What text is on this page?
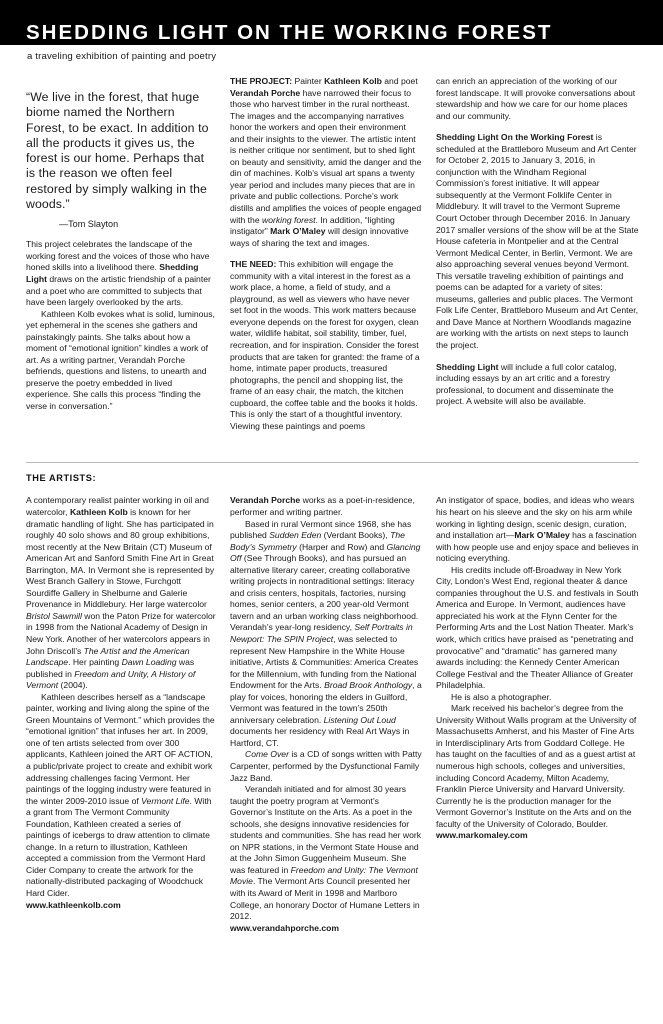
SHEDDING LIGHT ON THE WORKING FOREST
a traveling exhibition of painting and poetry
“We live in the forest, that huge biome named the Northern Forest, to be exact. In addition to all the products it gives us, the forest is our home. Perhaps that is the reason we often feel restored by simply walking in the woods.”
—Tom Slayton

This project celebrates the landscape of the working forest and the voices of those who have honed skills into a livelihood there. Shedding Light draws on the artistic friendship of a painter and a poet who are committed to subjects that have been largely overlooked by the arts.

Kathleen Kolb evokes what is solid, luminous, yet ephemeral in the scenes she gathers and painstakingly paints. She talks about how a moment of “emotional ignition” kindles a work of art. As a writing partner, Verandah Porche befriends, questions and listens, to unearth and preserve the poetry embedded in lived experience. She calls this process “finding the verse in conversation.”

THE PROJECT: Painter Kathleen Kolb and poet Verandah Porche have narrowed their focus to those who harvest timber in the rural northeast. The images and the accompanying narratives honor the workers and open their environment and their insights to the viewer. The artistic intent is neither critique nor sentiment, but to shed light on beauty and sensitivity, amid the danger and the din of machines. Kolb’s visual art spans a twenty year period and includes many pieces that are in private and public collections. Porche’s work distills and amplifies the voices of people engaged with the working forest. In addition, “lighting instigator” Mark O’Maley will design innovative ways of sharing the text and images.

THE NEED: This exhibition will engage the community with a vital interest in the forest as a work place, a home, a field of study, and a playground, as well as viewers who have never set foot in the woods. This work matters because everyone depends on the forest for oxygen, clean water, wildlife habitat, soil stability, timber, fuel, recreation, and for inspiration. Consider the forest products that are taken for granted: the frame of a home, intimate paper products, treasured photographs, the pencil and shopping list, the frame of an easy chair, the match, the kitchen cupboard, the coffee table and the books it holds. This is only the start of a thoughtful inventory. Viewing these paintings and poems

can enrich an appreciation of the working of our forest landscape. It will provoke conversations about stewardship and how we care for our home places and our community.

Shedding Light On the Working Forest is scheduled at the Brattleboro Museum and Art Center for October 2, 2015 to January 3, 2016, in conjunction with the Windham Regional Commission’s forest initiative. It will appear subsequently at the Vermont Folklife Center in Middlebury. It will travel to the Vermont Supreme Court October through December 2016. In January 2017 smaller versions of the show will be at the State House cafeteria in Montpelier and at the Central Vermont Medical Center, in Berlin, Vermont. We are also approaching several venues beyond Vermont. This versatile traveling exhibition of paintings and poems can be adapted for a variety of sites: museums, galleries and public places. The Vermont Folk Life Center, Brattleboro Museum and Art Center, and Dave Mance at Northern Woodlands magazine are working with the artists on next steps to launch the project.

Shedding Light will include a full color catalog, including essays by an art critic and a forestry professional, to document and disseminate the project. A website will also be available.

THE ARTISTS:

A contemporary realist painter working in oil and watercolor, Kathleen Kolb is known for her dramatic handling of light. She has participated in roughly 40 solo shows and 80 group exhibitions, most recently at the New Britain (CT) Museum of American Art and Sanford Smith Fine Art in Great Barrington, MA. In Vermont she is represented by West Branch Gallery in Stowe, Furchgott Sourdiffe Gallery in Shelburne and Galerie Provenance in Middlebury. Her large watercolor Bristol Sawmill won the Paton Prize for watercolor in 1998 from the National Academy of Design in New York. Another of her watercolors appears in John Driscoll’s The Artist and the American Landscape. Her painting Dawn Loading was published in Freedom and Unity, A History of Vermont (2004).

Kathleen describes herself as a “landscape painter, working and living along the spine of the Green Mountains of Vermont.” which provides the “emotional ignition” that infuses her art. In 2009, one of ten artists selected from over 300 applicants, Kathleen joined the ART OF ACTION, a public/private project to create and exhibit work addressing challenges facing Vermont. Her paintings of the logging industry were featured in the winter 2009-2010 issue of Vermont Life. With a grant from The Vermont Community Foundation, Kathleen created a series of paintings of icebergs to draw attention to climate change. In a return to illustration, Kathleen accepted a commission from the Vermont Hard Cider Company to create the artwork for the nationally-distributed packaging of Woodchuck Hard Cider.

www.kathleenkolb.com

Verandah Porche works as a poet-in-residence, performer and writing partner.

Based in rural Vermont since 1968, she has published Sudden Eden (Verdant Books), The Body’s Symmetry (Harper and Row) and Glancing Off (See Through Books), and has pursued an alternative literary career, creating collaborative writing projects in nontraditional settings: literacy and crisis centers, hospitals, factories, nursing homes, senior centers, a 200 year-old Vermont tavern and an urban working class neighborhood. Verandah’s year-long residency, Self Portraits in Newport: The SPIN Project, was selected to represent New Hampshire in the White House initiative, Artists & Communities: America Creates for the Millennium, with funding from the National Endowment for the Arts. Broad Brook Anthology, a play for voices, honoring the elders in Guilford, Vermont was featured in the town’s 250th anniversary celebration. Listening Out Loud documents her residency with Real Art Ways in Hartford, CT.

Come Over is a CD of songs written with Patty Carpenter, performed by the Dysfunctional Family Jazz Band.

Verandah initiated and for almost 30 years taught the poetry program at Vermont’s Governor’s Institute on the Arts. As a poet in the schools, she designs innovative residencies for students and communities. She has read her work on NPR stations, in the Vermont State House and at the John Simon Guggenheim Museum. She was featured in Freedom and Unity: The Vermont Movie. The Vermont Arts Council presented her with its Award of Merit in 1998 and Marlboro College, an honorary Doctor of Humane Letters in 2012.

www.verandahporche.com

An instigator of space, bodies, and ideas who wears his heart on his sleeve and the sky on his arm while working in lighting design, scenic design, curation, and installation art—Mark O’Maley has a fascination with how people use and enjoy space and believes in noticing everything.

His credits include off-Broadway in New York City, London’s West End, regional theater & dance companies throughout the U.S. and festivals in South America and Europe. In Vermont, audiences have appreciated his work at the Flynn Center for the Performing Arts and the Lost Nation Theater. Mark’s work, which critics have praised as “penetrating and provocative” and “dramatic” has garnered many awards including: the Kennedy Center American College Festival and the Theater Alliance of Greater Philadelphia.

He is also a photographer.

Mark received his bachelor’s degree from the University Without Walls program at the University of Massachusetts Amherst, and his Master of Fine Arts in Interdisciplinary Arts from Goddard College. He has taught on the faculties of and as a guest artist at numerous high schools, colleges and universities, including Concord Academy, Milton Academy, Franklin Pierce University and Harvard University. Currently he is the production manager for the Vermont Governor’s Institute on the Arts and on the faculty of the University of Colorado, Boulder. www.markomaley.com
